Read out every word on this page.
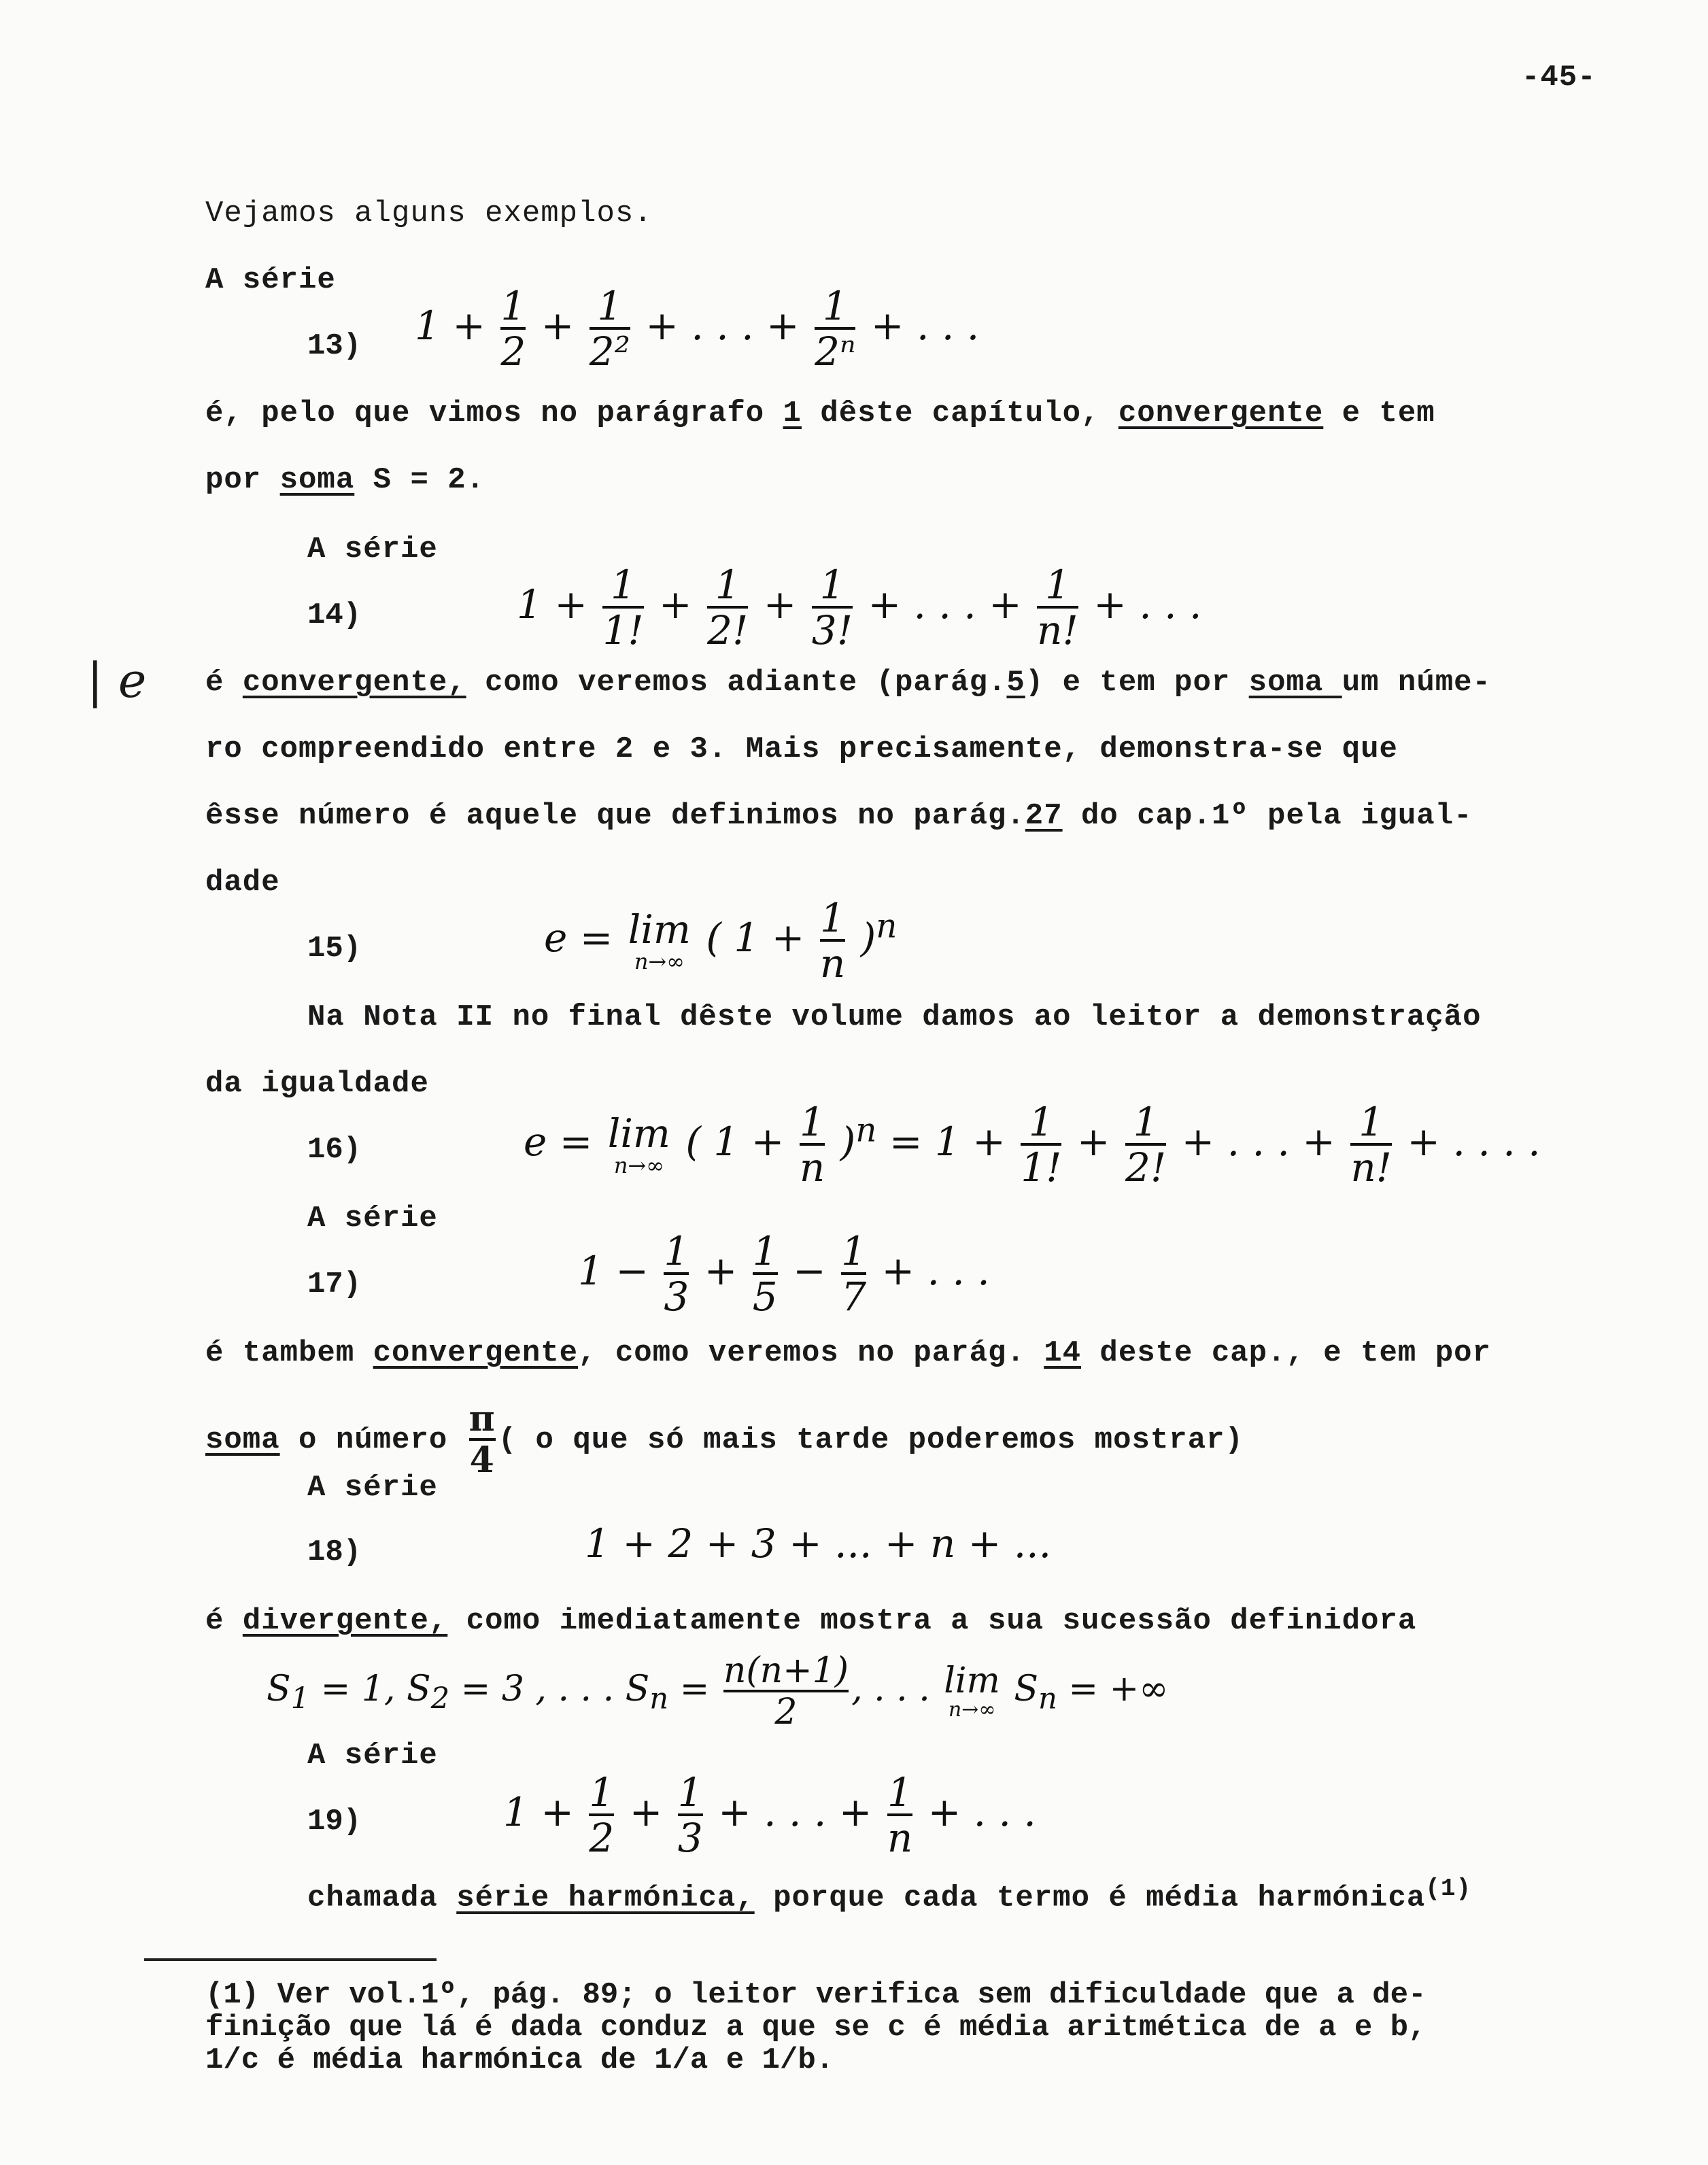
-45-
| e
Vejamos alguns exemplos.
A série
13) $1 + \frac{1}{2} + \frac{1}{\text{2²}}$ + . . . + $\frac{1}{\text{2ⁿ}}$ + . . .
é, pelo que vimos no parágrafo 1 dêste capítulo, convergente e tem
por soma S = 2.
A série
14)	$1 + \frac{1}{1!} + \frac{1}{2!} + \frac{1}{3!}$ + . . . + $\frac{1}{n!}$ + . . .
é convergente, como veremos adiante (parág.5) e tem por soma um núme-
ro compreendido entre 2 e 3. Mais precisamente, demonstra-se que
êsse número é aquele que definimos no parág.27 do cap.1º pela igual-
dade
15)	e = lim
n→∞
( $1 + \frac{1}{n} )^n$
Na Nota II no final dêste volume damos ao leitor a demonstração
da igualdade
16)	e = lim
n→∞
( $1 + \frac{1}{n} )^n = 1 + \frac{1}{1!} + \frac{1}{2!}$ + . . . + $\frac{1}{n!}$ + . . . .
A série
17)	$1 - \frac{1}{3} + \frac{1}{5} - \frac{1}{7}$ + . . .
é tambem convergente, como veremos no parág. 14 deste cap., e tem por
soma o número $\frac{\pi}{4}$ ( o que só mais tarde poderemos mostrar)
A série
18)	1 + 2 + 3 + ... + n + ...
é divergente, como imediatamente mostra a sua sucessão definidora
$S_1 = 1$, $S_2 = 3$ , . . . $S_n = \frac{n(n+1)}{2}$ , . . . lim
n→∞
$S_n$ = +∞
A série
19)	$1 + \frac{1}{2} + \frac{1}{3}$ + . . . + $\frac{1}{n}$ + . . .
chamada série harmónica, porque cada termo é média harmónica$^{(1)}$
(1) Ver vol.1º, pág. 89; o leitor verifica sem dificuldade que a de-
finição que lá é dada conduz a que se c é média aritmética de a e b,
1/c é média harmónica de 1/a e 1/b.
